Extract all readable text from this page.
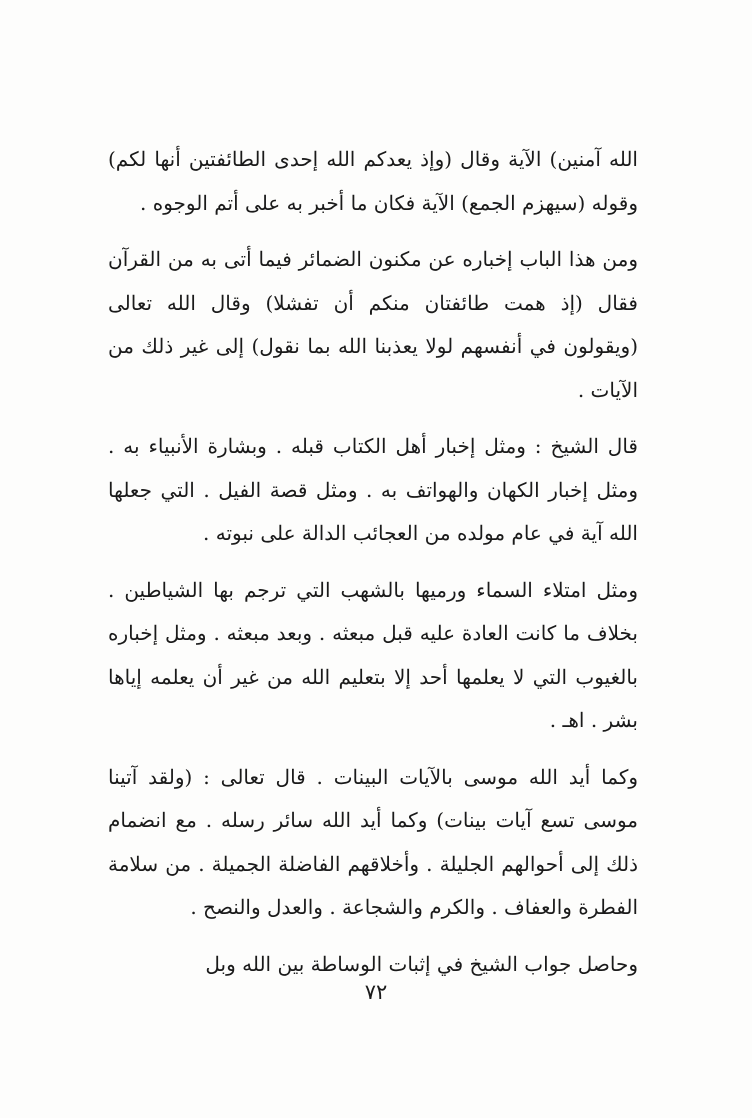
الله آمنين) الآية وقال (وإذ يعدكم الله إحدى الطائفتين أنها لكم) وقوله (سيهزم الجمع) الآية فكان ما أخبر به على أتم الوجوه .

ومن هذا الباب إخباره عن مكنون الضمائر فيما أتى به من القرآن فقال (إذ همت طائفتان منكم أن تفشلا) وقال الله تعالى (ويقولون في أنفسهم لولا يعذبنا الله بما نقول) إلى غير ذلك من الآيات .

قال الشيخ : ومثل إخبار أهل الكتاب قبله . وبشارة الأنبياء به . ومثل إخبار الكهان والهواتف به . ومثل قصة الفيل . التي جعلها الله آية في عام مولده من العجائب الدالة على نبوته .

ومثل امتلاء السماء ورميها بالشهب التي ترجم بها الشياطين . بخلاف ما كانت العادة عليه قبل مبعثه . وبعد مبعثه . ومثل إخباره بالغيوب التي لا يعلمها أحد إلا بتعليم الله من غير أن يعلمه إياها بشر . اهـ .

وكما أيد الله موسى بالآيات البينات . قال تعالى : (ولقد آتينا موسى تسع آيات بينات) وكما أيد الله سائر رسله . مع انضمام ذلك إلى أحوالهم الجليلة . وأخلاقهم الفاضلة الجميلة . من سلامة الفطرة والعفاف . والكرم والشجاعة . والعدل والنصح .

وحاصل جواب الشيخ في إثبات الوساطة بين الله وبل

٧٢
